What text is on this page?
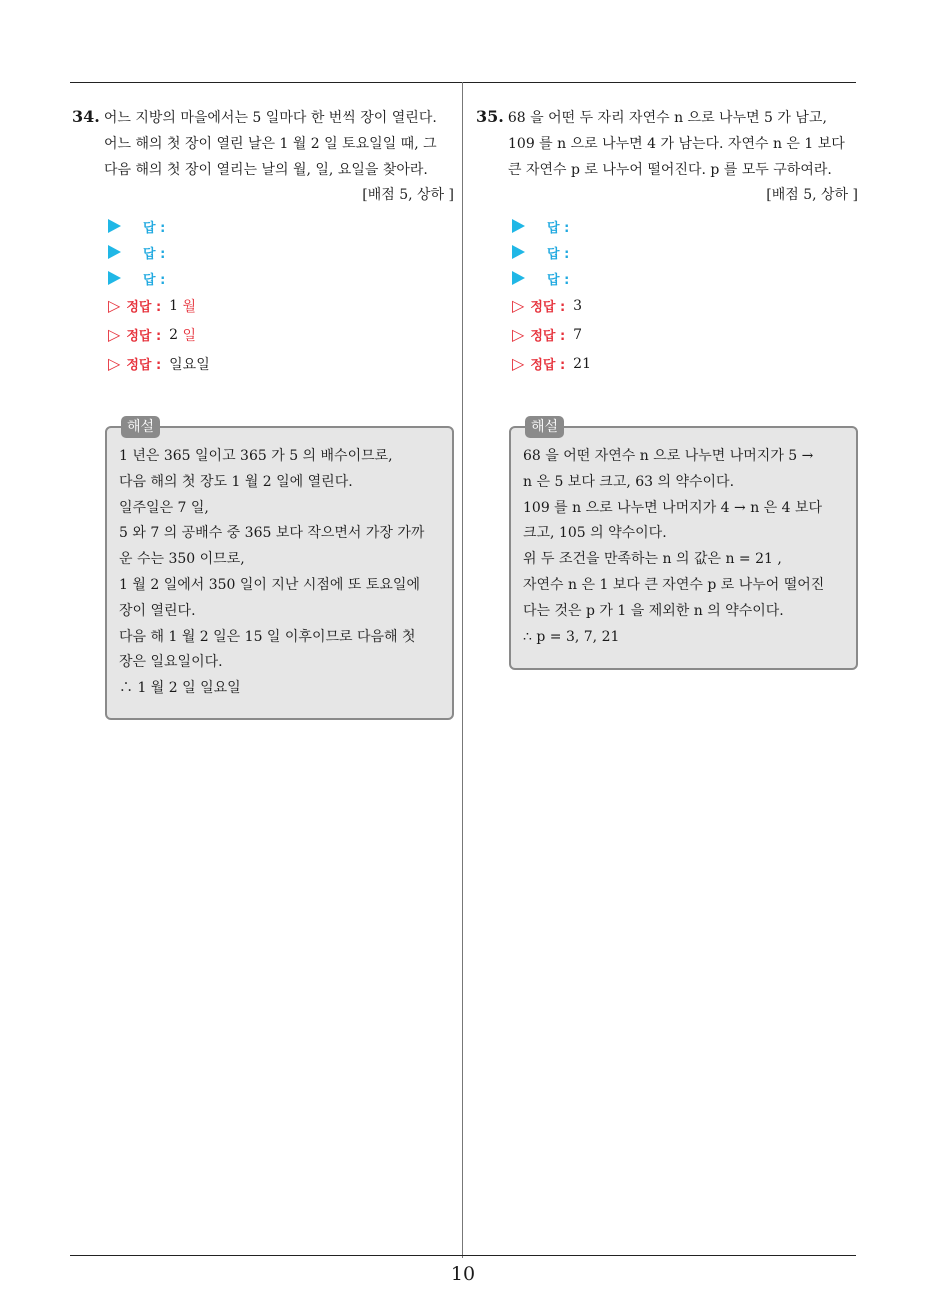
34. 어느 지방의 마을에서는 5 일마다 한 번씩 장이 열린다.
어느 해의 첫 장이 열린 날은 1 월 2 일 토요일일 때, 그
다음 해의 첫 장이 열리는 날의 월, 일, 요일을 찾아라.
[배점 5, 상하 ]
답 :
답 :
답 :
▷ 정답 : 1
월
▷ 정답 : 2
일
▷ 정답 : 일요일
해설
1 년은 365 일이고 365 가 5 의 배수이므로,
다음 해의 첫 장도 1 월 2 일에 열린다.
일주일은 7 일,
5 와 7 의 공배수 중 365 보다 작으면서 가장 가까
운 수는 350 이므로,
1 월 2 일에서 350 일이 지난 시점에 또 토요일에
장이 열린다.
다음 해 1 월 2 일은 15 일 이후이므로 다음해 첫
장은 일요일이다.
∴ 1 월 2 일 일요일
35. 68 을 어떤 두 자리 자연수 n 으로 나누면 5 가 남고,
109 를 n 으로 나누면 4 가 남는다. 자연수 n 은 1 보다
큰 자연수 p 로 나누어 떨어진다. p 를 모두 구하여라.
[배점 5, 상하 ]
답 :
답 :
답 :
▷ 정답 : 3
▷ 정답 : 7
▷ 정답 : 21
해설
68 을 어떤 자연수 n 으로 나누면 나머지가 5 →
n 은 5 보다 크고, 63 의 약수이다.
109 를 n 으로 나누면 나머지가 4 → n 은 4 보다
크고, 105 의 약수이다.
위 두 조건을 만족하는 n 의 값은 n = 21 ,
자연수 n 은 1 보다 큰 자연수 p 로 나누어 떨어진
다는 것은 p 가 1 을 제외한 n 의 약수이다.
∴ p = 3, 7, 21
10
